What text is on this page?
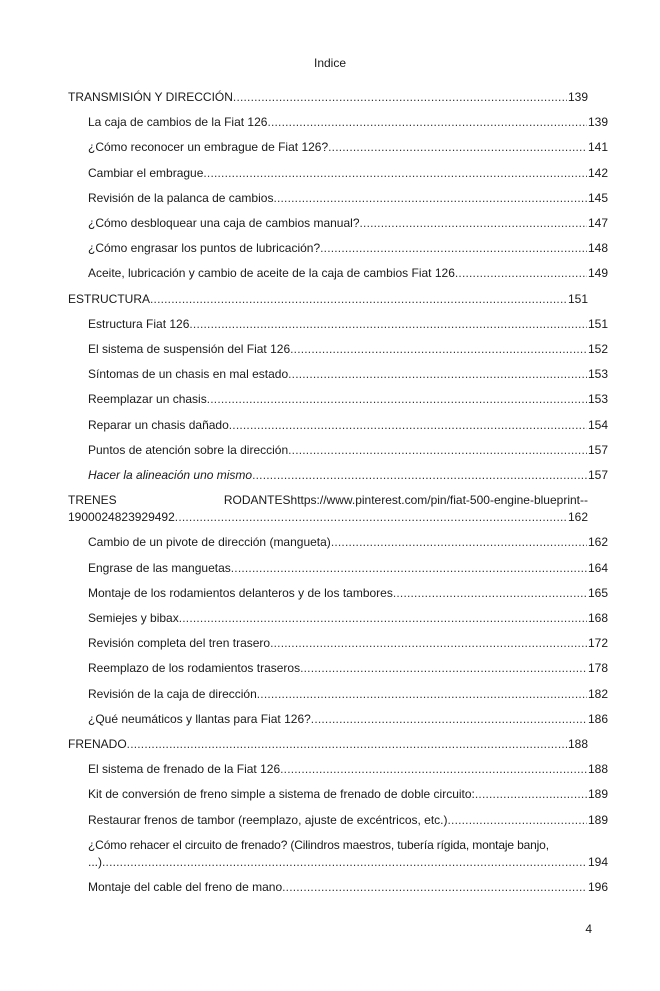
Indice
TRANSMISIÓN Y DIRECCIÓN .....	139
La caja de cambios de la Fiat 126 .....	139
¿Cómo reconocer un embrague de Fiat 126? .....	141
Cambiar el embrague .....	142
Revisión de la palanca de cambios .....	145
¿Cómo desbloquear una caja de cambios manual? .....	147
¿Cómo engrasar los puntos de lubricación? .....	148
Aceite, lubricación y cambio de aceite de la caja de cambios Fiat 126 .....	149
ESTRUCTURA .....	151
Estructura Fiat 126 .....	151
El sistema de suspensión del Fiat 126 .....	152
Síntomas de un chasis en mal estado .....	153
Reemplazar un chasis .....	153
Reparar un chasis dañado .....	154
Puntos de atención sobre la dirección .....	157
Hacer la alineación uno mismo .....	157
TRENES	RODANTEShttps://www.pinterest.com/pin/fiat-500-engine-blueprint--
1900024823929492 .....	162
Cambio de un pivote de dirección (mangueta) .....	162
Engrase de las manguetas .....	164
Montaje de los rodamientos delanteros y de los tambores .....	165
Semiejes y bibax .....	168
Revisión completa del tren trasero .....	172
Reemplazo de los rodamientos traseros .....	178
Revisión de la caja de dirección .....	182
¿Qué neumáticos y llantas para Fiat 126? .....	186
FRENADO .....	188
El sistema de frenado de la Fiat 126 .....	188
Kit de conversión de freno simple a sistema de frenado de doble circuito: .....	189
Restaurar frenos de tambor (reemplazo, ajuste de excéntricos, etc.) .....	189
¿Cómo rehacer el circuito de frenado? (Cilindros maestros, tubería rígida, montaje banjo,
...) .....	194
Montaje del cable del freno de mano .....	196
4
